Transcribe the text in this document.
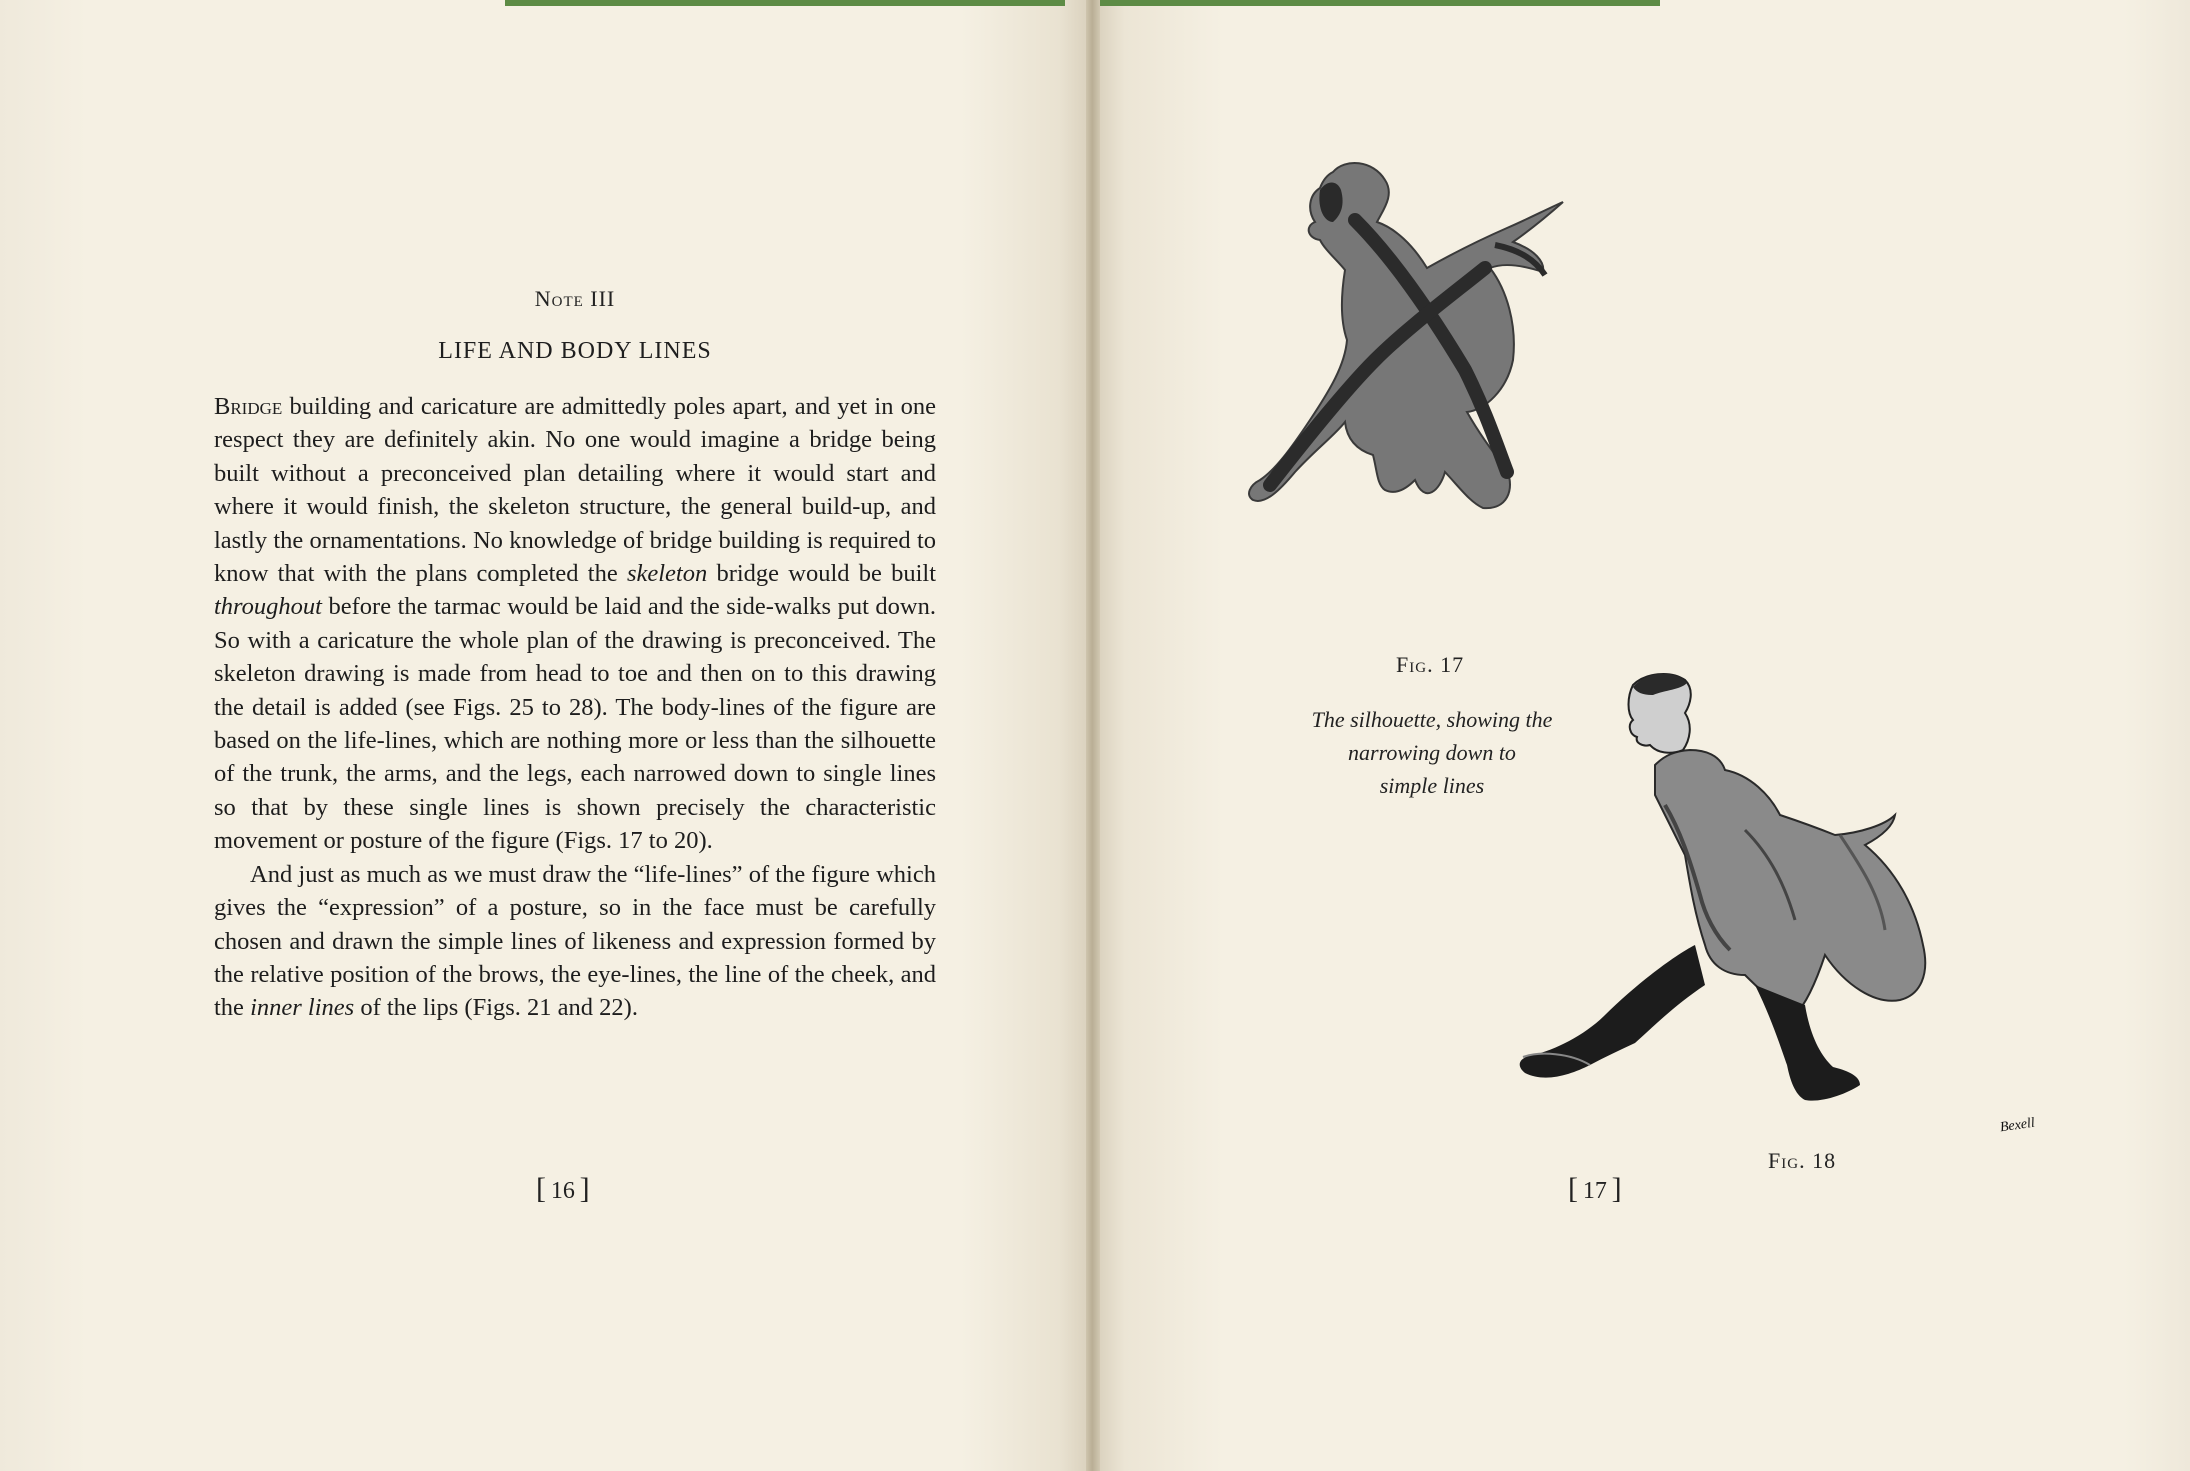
Note III
LIFE AND BODY LINES

Bridge building and caricature are admittedly poles apart, and yet in one respect they are definitely akin. No one would imagine a bridge being built without a preconceived plan detailing where it would start and where it would finish, the skeleton structure, the general build-up, and lastly the ornamentations. No knowledge of bridge building is required to know that with the plans completed the skeleton bridge would be built throughout before the tarmac would be laid and the side-walks put down. So with a caricature the whole plan of the drawing is preconceived. The skeleton drawing is made from head to toe and then on to this drawing the detail is added (see Figs. 25 to 28). The body-lines of the figure are based on the life-lines, which are nothing more or less than the silhouette of the trunk, the arms, and the legs, each narrowed down to single lines so that by these single lines is shown precisely the characteristic movement or posture of the figure (Figs. 17 to 20).

And just as much as we must draw the “life-lines” of the figure which gives the “expression” of a posture, so in the face must be carefully chosen and drawn the simple lines of likeness and expression formed by the relative position of the brows, the eye-lines, the line of the cheek, and the inner lines of the lips (Figs. 21 and 22).

[  16  ]
Fig. 17
The silhouette, showing the
narrowing down to
simple lines
Fig. 18
Bexell
[  17  ]
